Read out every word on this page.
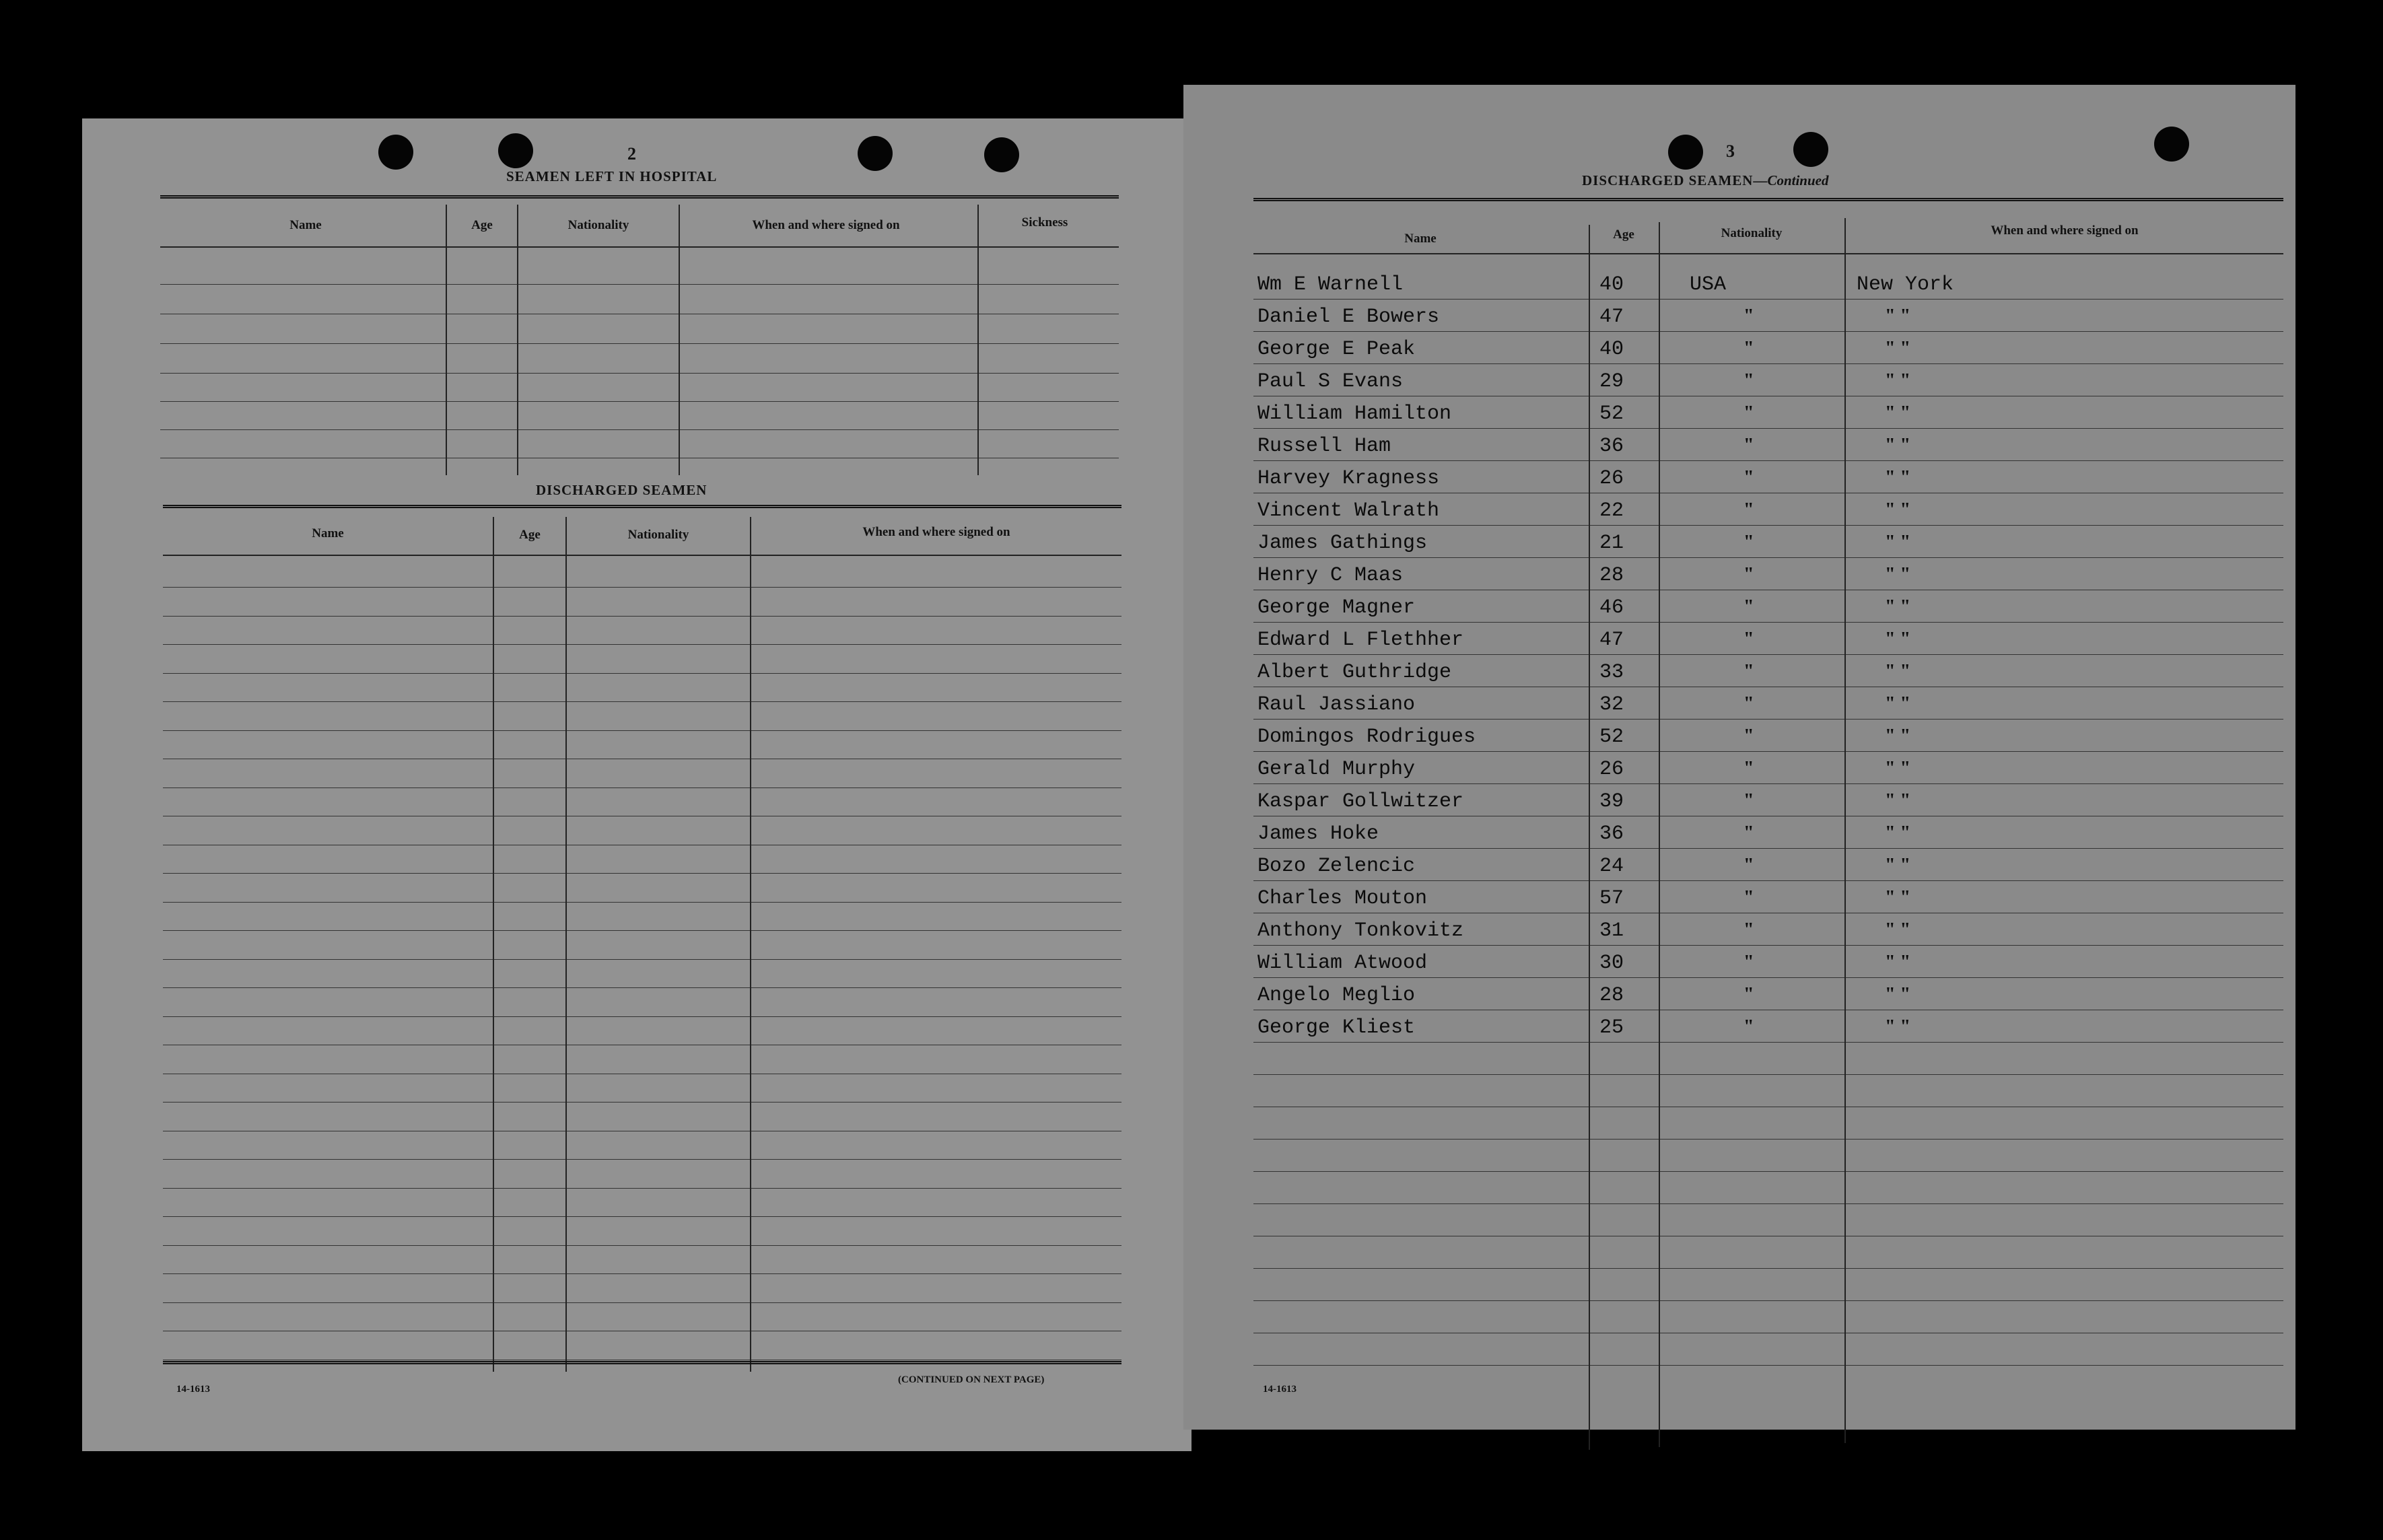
2
SEAMEN LEFT IN HOSPITAL
Name	Age	Nationality	When and where signed on	Sickness
DISCHARGED SEAMEN
Name	Age	Nationality	When and where signed on
14-1613
(CONTINUED ON NEXT PAGE)
3
DISCHARGED SEAMEN—Continued
Name	Age	Nationality	When and where signed on
Wm E Warnell	40	USA	New York
Daniel E Bowers	47	"	" "
George E Peak	40	"	" "
Paul S Evans	29	"	" "
William Hamilton	52	"	" "
Russell Ham	36	"	" "
Harvey Kragness	26	"	" "
Vincent Walrath	22	"	" "
James Gathings	21	"	" "
Henry C Maas	28	"	" "
George Magner	46	"	" "
Edward L Flethher	47	"	" "
Albert Guthridge	33	"	" "
Raul Jassiano	32	"	" "
Domingos Rodrigues	52	"	" "
Gerald Murphy	26	"	" "
Kaspar Gollwitzer	39	"	" "
James Hoke	36	"	" "
Bozo Zelencic	24	"	" "
Charles Mouton	57	"	" "
Anthony Tonkovitz	31	"	" "
William Atwood	30	"	" "
Angelo Meglio	28	"	" "
George Kliest	25	"	" "
14-1613
